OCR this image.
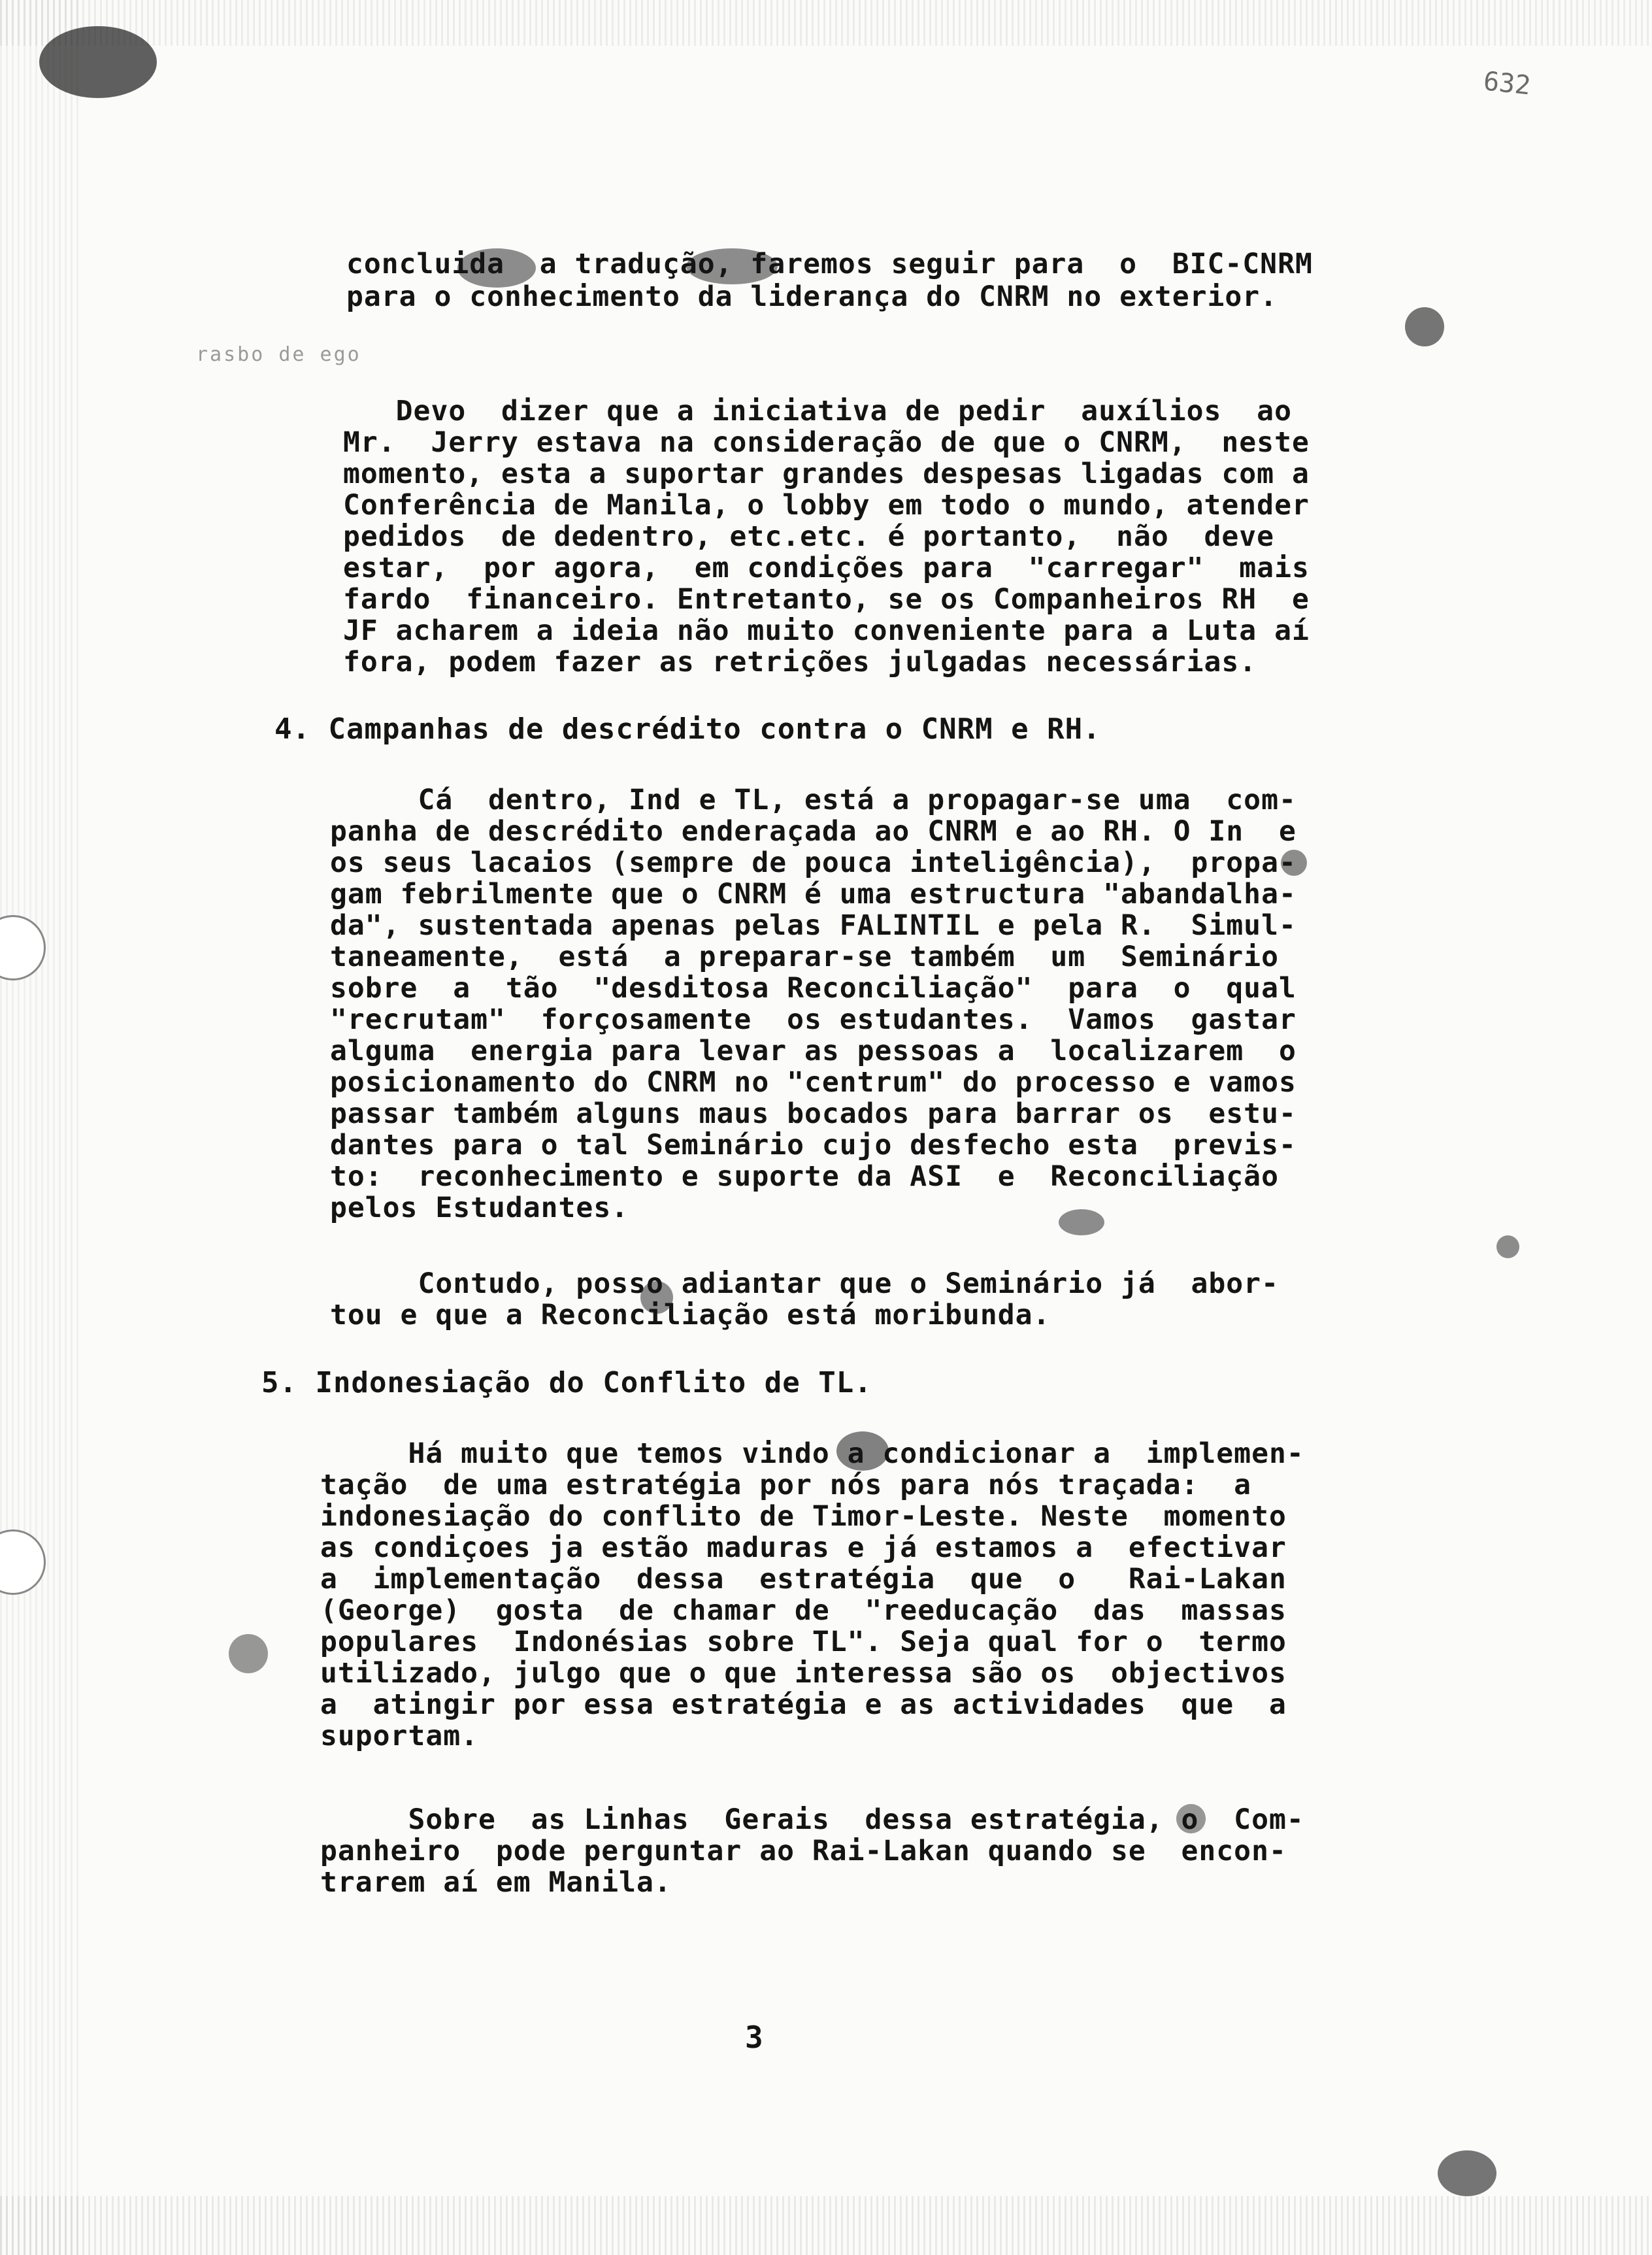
632
rasbo de ego
concluida  a tradução, faremos seguir para  o  BIC-CNRM
para o conhecimento da liderança do CNRM no exterior.
Devo  dizer que a iniciativa de pedir  auxílios  ao
Mr.  Jerry estava na consideração de que o CNRM,  neste
momento, esta a suportar grandes despesas ligadas com a
Conferência de Manila, o lobby em todo o mundo, atender
pedidos  de dedentro, etc.etc. é portanto,  não  deve
estar,  por agora,  em condições para  "carregar"  mais
fardo  financeiro. Entretanto, se os Companheiros RH  e
JF acharem a ideia não muito conveniente para a Luta aí
fora, podem fazer as retrições julgadas necessárias.
4. Campanhas de descrédito contra o CNRM e RH.
Cá  dentro, Ind e TL, está a propagar-se uma  com-
panha de descrédito enderaçada ao CNRM e ao RH. O In  e
os seus lacaios (sempre de pouca inteligência),  propa-
gam febrilmente que o CNRM é uma estructura "abandalha-
da", sustentada apenas pelas FALINTIL e pela R.  Simul-
taneamente,  está  a preparar-se também  um  Seminário
sobre  a  tão  "desditosa Reconciliação"  para  o  qual
"recrutam"  forçosamente  os estudantes.  Vamos  gastar
alguma  energia para levar as pessoas a  localizarem  o
posicionamento do CNRM no "centrum" do processo e vamos
passar também alguns maus bocados para barrar os  estu-
dantes para o tal Seminário cujo desfecho esta  previs-
to:  reconhecimento e suporte da ASI  e  Reconciliação
pelos Estudantes.
Contudo, posso adiantar que o Seminário já  abor-
tou e que a Reconciliação está moribunda.
5. Indonesiação do Conflito de TL.
Há muito que temos vindo a condicionar a  implemen-
tação  de uma estratégia por nós para nós traçada:  a
indonesiação do conflito de Timor-Leste. Neste  momento
as condiçoes ja estão maduras e já estamos a  efectivar
a  implementação  dessa  estratégia  que  o   Rai-Lakan
(George)  gosta  de chamar de  "reeducação  das  massas
populares  Indonésias sobre TL". Seja qual for o  termo
utilizado, julgo que o que interessa são os  objectivos
a  atingir por essa estratégia e as actividades  que  a
suportam.
Sobre  as Linhas  Gerais  dessa estratégia, o  Com-
panheiro  pode perguntar ao Rai-Lakan quando se  encon-
trarem aí em Manila.
3
